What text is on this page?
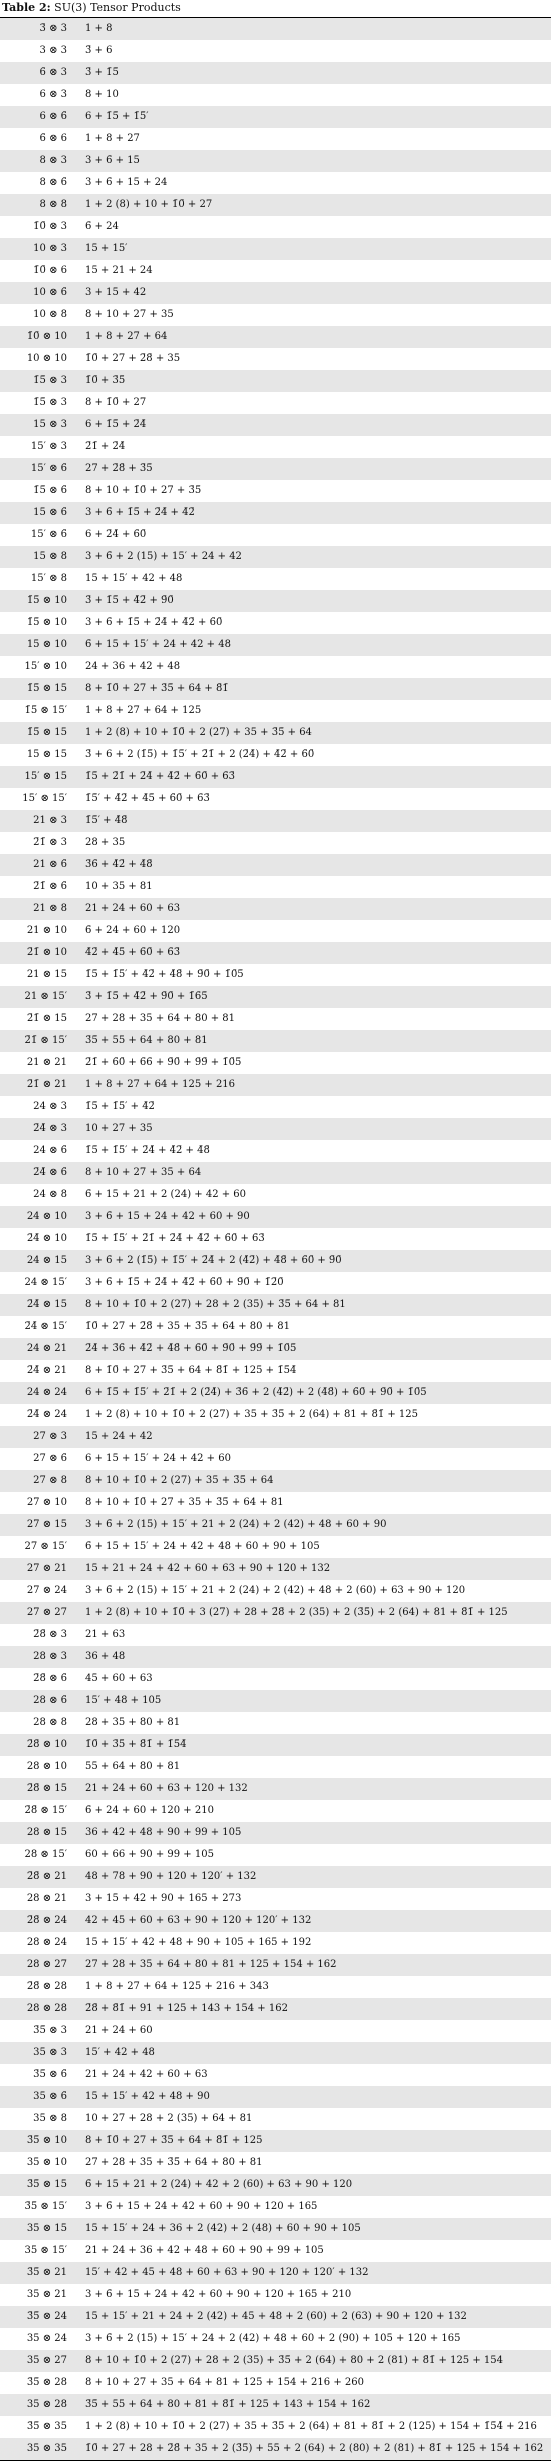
Table 2: SU(3) Tensor Products
3̄ ⊗ 3	1 + 8
3 ⊗ 3	3̄ + 6
6̄ ⊗ 3	3̄ + 1̄5̄
6 ⊗ 3	8 + 10
6 ⊗ 6̄	6 + 1̄5̄ + 1̄5̄′
6̄ ⊗ 6	1 + 8 + 27
8 ⊗ 3	3 + 6̄ + 15
8 ⊗ 6̄	3 + 6̄ + 15 + 24
8 ⊗ 8	1 + 2 (8) + 10 + 1̄0̄ + 27
1̄0̄ ⊗ 3	6̄ + 24
10 ⊗ 3	15 + 15′
1̄0̄ ⊗ 6	15 + 21 + 24
10 ⊗ 6̄	3 + 15 + 42
10 ⊗ 8	8 + 10 + 27 + 35
1̄0̄ ⊗ 10	1 + 8 + 27 + 64
10 ⊗ 10	1̄0̄ + 27 + 2̄8̄ + 35
1̄5̄ ⊗ 3	1̄0̄ + 3̄5̄
1̄5̄ ⊗ 3	8 + 1̄0̄ + 27
15 ⊗ 3	6 + 1̄5̄ + 2̄4̄
15′ ⊗ 3	2̄1̄ + 2̄4̄
15′ ⊗ 6̄	27 + 2̄8̄ + 3̄5̄
1̄5̄ ⊗ 6̄	8 + 10 + 1̄0̄ + 27 + 3̄5̄
15 ⊗ 6̄	3 + 6̄ + 1̄5̄ + 2̄4̄ + 4̄2̄
15′ ⊗ 6̄	6 + 2̄4̄ + 6̄0̄
15 ⊗ 8	3 + 6̄ + 2 (15) + 15′ + 24 + 42
15′ ⊗ 8	15 + 15′ + 42 + 48
1̄5̄ ⊗ 10	3̄ + 1̄5̄ + 4̄2̄ + 9̄0̄
1̄5̄ ⊗ 10	3 + 6̄ + 1̄5̄ + 2̄4̄ + 4̄2̄ + 6̄0̄
15 ⊗ 10	6̄ + 15 + 15′ + 24 + 42 + 48
15′ ⊗ 10	24 + 36 + 42 + 48
1̄5̄ ⊗ 15	8 + 1̄0̄ + 27 + 3̄5̄ + 64 + 8̄1̄
1̄5̄ ⊗ 15′	1 + 8 + 27 + 64 + 125
1̄5̄ ⊗ 15	1 + 2 (8) + 10 + 1̄0̄ + 2 (27) + 35 + 3̄5̄ + 64
15 ⊗ 15	3̄ + 6 + 2 (1̄5̄) + 1̄5̄′ + 2̄1̄ + 2 (2̄4̄) + 4̄2̄ + 6̄0̄
15′ ⊗ 15	1̄5̄ + 2̄1̄ + 2̄4̄ + 4̄2̄ + 6̄0̄ + 6̄3̄
15′ ⊗ 15′	1̄5̄′ + 4̄2̄ + 4̄5̄ + 6̄0̄ + 6̄3̄
21 ⊗ 3	1̄5̄′ + 4̄8̄
2̄1̄ ⊗ 3	28 + 35
21 ⊗ 6̄	3̄6̄ + 4̄2̄ + 4̄8̄
2̄1̄ ⊗ 6̄	10 + 35 + 81
21 ⊗ 8	21 + 24 + 60 + 63
21 ⊗ 10	6̄ + 24 + 60 + 120
2̄1̄ ⊗ 10	4̄2̄ + 4̄5̄ + 6̄0̄ + 6̄3̄
21 ⊗ 15	1̄5̄ + 1̄5̄′ + 4̄2̄ + 4̄8̄ + 9̄0̄ + 1̄0̄5̄
21 ⊗ 15′	3̄ + 1̄5̄ + 4̄2̄ + 9̄0̄ + 1̄6̄5̄
2̄1̄ ⊗ 15	27 + 28 + 35 + 64 + 80 + 81
2̄1̄ ⊗ 15′	3̄5̄ + 55 + 64 + 80 + 81
21 ⊗ 21	2̄1̄ + 6̄0̄ + 6̄6̄ + 9̄0̄ + 9̄9̄ + 1̄0̄5̄
2̄1̄ ⊗ 21	1 + 8 + 27 + 64 + 125 + 216
24 ⊗ 3	1̄5̄ + 1̄5̄′ + 4̄2̄
2̄4̄ ⊗ 3	10 + 27 + 35
24 ⊗ 6̄	1̄5̄ + 1̄5̄′ + 2̄4̄ + 4̄2̄ + 4̄8̄
2̄4̄ ⊗ 6̄	8 + 10 + 27 + 35 + 64
24 ⊗ 8	6̄ + 15 + 21 + 2 (24) + 42 + 60
24 ⊗ 10	3 + 6̄ + 15 + 24 + 42 + 60 + 90
2̄4̄ ⊗ 10	1̄5̄ + 1̄5̄′ + 2̄1̄ + 2̄4̄ + 4̄2̄ + 6̄0̄ + 6̄3̄
24 ⊗ 15	3 + 6̄ + 2 (1̄5̄) + 1̄5̄′ + 2̄4̄ + 2 (4̄2̄) + 4̄8̄ + 6̄0̄ + 9̄0̄
24 ⊗ 15′	3 + 6̄ + 1̄5̄ + 2̄4̄ + 4̄2̄ + 6̄0̄ + 9̄0̄ + 1̄2̄0̄
2̄4̄ ⊗ 15	8 + 10 + 1̄0̄ + 2 (27) + 28 + 2 (35) + 3̄5̄ + 64 + 81
2̄4̄ ⊗ 15′	1̄0̄ + 27 + 2̄8̄ + 35 + 3̄5̄ + 64 + 80 + 81
24 ⊗ 21	2̄4̄ + 3̄6̄ + 4̄2̄ + 4̄8̄ + 6̄0̄ + 9̄0̄ + 9̄9̄ + 1̄0̄5̄
2̄4̄ ⊗ 21	8 + 1̄0̄ + 27 + 3̄5̄ + 64 + 8̄1̄ + 125 + 1̄5̄4̄
24 ⊗ 24	6 + 1̄5̄ + 1̄5̄′ + 2̄1̄ + 2 (2̄4̄) + 3̄6̄ + 2 (4̄2̄) + 2 (4̄8̄) + 6̄0̄ + 9̄0̄ + 1̄0̄5̄
2̄4̄ ⊗ 24	1 + 2 (8) + 10 + 1̄0̄ + 2 (27) + 35 + 3̄5̄ + 2 (64) + 81 + 8̄1̄ + 125
27 ⊗ 3	15 + 24 + 42
27 ⊗ 6̄	6 + 15 + 15′ + 24 + 42 + 60
27 ⊗ 8	8 + 10 + 1̄0̄ + 2 (27) + 35 + 3̄5̄ + 64
27 ⊗ 10	8 + 10 + 1̄0̄ + 27 + 35 + 3̄5̄ + 64 + 81
27 ⊗ 15	3 + 6̄ + 2 (15) + 15′ + 21 + 2 (24) + 2 (42) + 48 + 60 + 90
27 ⊗ 15′	6̄ + 15 + 15′ + 24 + 42 + 48 + 60 + 90 + 105
27 ⊗ 21	15 + 21 + 24 + 42 + 60 + 63 + 90 + 120 + 132
27 ⊗ 24	3 + 6̄ + 2 (15) + 15′ + 21 + 2 (24) + 2 (42) + 48 + 2 (60) + 63 + 90 + 120
27 ⊗ 27	1 + 2 (8) + 10 + 1̄0̄ + 3 (27) + 28 + 2̄8̄ + 2 (35) + 2 (3̄5̄) + 2 (64) + 81 + 8̄1̄ + 125
2̄8̄ ⊗ 3	21 + 63
28 ⊗ 3	36 + 48
2̄8̄ ⊗ 6̄	45 + 60 + 63
28 ⊗ 6̄	15′ + 48 + 105
28 ⊗ 8	28 + 35 + 80 + 81
2̄8̄ ⊗ 10	1̄0̄ + 3̄5̄ + 8̄1̄ + 1̄5̄4̄
28 ⊗ 10	55 + 64 + 80 + 81
2̄8̄ ⊗ 15	21 + 24 + 60 + 63 + 120 + 132
2̄8̄ ⊗ 15′	6̄ + 24 + 60 + 120 + 210
28 ⊗ 15	36 + 42 + 48 + 90 + 99 + 105
28 ⊗ 15′	60 + 66 + 90 + 99 + 105
2̄8̄ ⊗ 21	48 + 78 + 90 + 120 + 120′ + 132
28 ⊗ 21	3 + 15 + 42 + 90 + 165 + 273
2̄8̄ ⊗ 24	42 + 45 + 60 + 63 + 90 + 120 + 120′ + 132
28 ⊗ 24	15 + 15′ + 42 + 48 + 90 + 105 + 165 + 192
28 ⊗ 27	27 + 28 + 35 + 64 + 80 + 81 + 125 + 154 + 162
2̄8̄ ⊗ 28	1 + 8 + 27 + 64 + 125 + 216 + 343
28 ⊗ 28	2̄8̄ + 8̄1̄ + 91 + 125 + 143 + 154 + 162
3̄5̄ ⊗ 3	21 + 24 + 60
35 ⊗ 3	15′ + 42 + 48
3̄5̄ ⊗ 6̄	21 + 24 + 42 + 60 + 63
35 ⊗ 6̄	15 + 15′ + 42 + 48 + 90
35 ⊗ 8	10 + 27 + 28 + 2 (35) + 64 + 81
3̄5̄ ⊗ 10	8 + 1̄0̄ + 27 + 3̄5̄ + 64 + 8̄1̄ + 125
35 ⊗ 10	27 + 28 + 35 + 3̄5̄ + 64 + 80 + 81
3̄5̄ ⊗ 15	6̄ + 15 + 21 + 2 (24) + 42 + 2 (60) + 63 + 90 + 120
3̄5̄ ⊗ 15′	3 + 6̄ + 15 + 24 + 42 + 60 + 90 + 120 + 165
35 ⊗ 15	15 + 15′ + 24 + 36 + 2 (42) + 2 (48) + 60 + 90 + 105
35 ⊗ 15′	21 + 24 + 36 + 42 + 48 + 60 + 90 + 99 + 105
3̄5̄ ⊗ 21	15′ + 42 + 45 + 48 + 60 + 63 + 90 + 120 + 120′ + 132
35 ⊗ 21	3 + 6̄ + 15 + 24 + 42 + 60 + 90 + 120 + 165 + 210
3̄5̄ ⊗ 24	15 + 15′ + 21 + 24 + 2 (42) + 45 + 48 + 2 (60) + 2 (63) + 90 + 120 + 132
35 ⊗ 24	3 + 6̄ + 2 (15) + 15′ + 24 + 2 (42) + 48 + 60 + 2 (90) + 105 + 120 + 165
35 ⊗ 27	8 + 10 + 1̄0̄ + 2 (27) + 28 + 2 (35) + 3̄5̄ + 2 (64) + 80 + 2 (81) + 8̄1̄ + 125 + 154
3̄5̄ ⊗ 28	8 + 10 + 27 + 35 + 64 + 81 + 125 + 154 + 216 + 260
35 ⊗ 28	3̄5̄ + 55 + 64 + 80 + 81 + 8̄1̄ + 125 + 143 + 154 + 162
3̄5̄ ⊗ 35	1 + 2 (8) + 10 + 1̄0̄ + 2 (27) + 35 + 3̄5̄ + 2 (64) + 81 + 8̄1̄ + 2 (125) + 154 + 1̄5̄4̄ + 216
35 ⊗ 35	1̄0̄ + 27 + 28 + 2̄8̄ + 35 + 2 (3̄5̄) + 55 + 2 (64) + 2 (80) + 2 (81) + 8̄1̄ + 125 + 154 + 162
